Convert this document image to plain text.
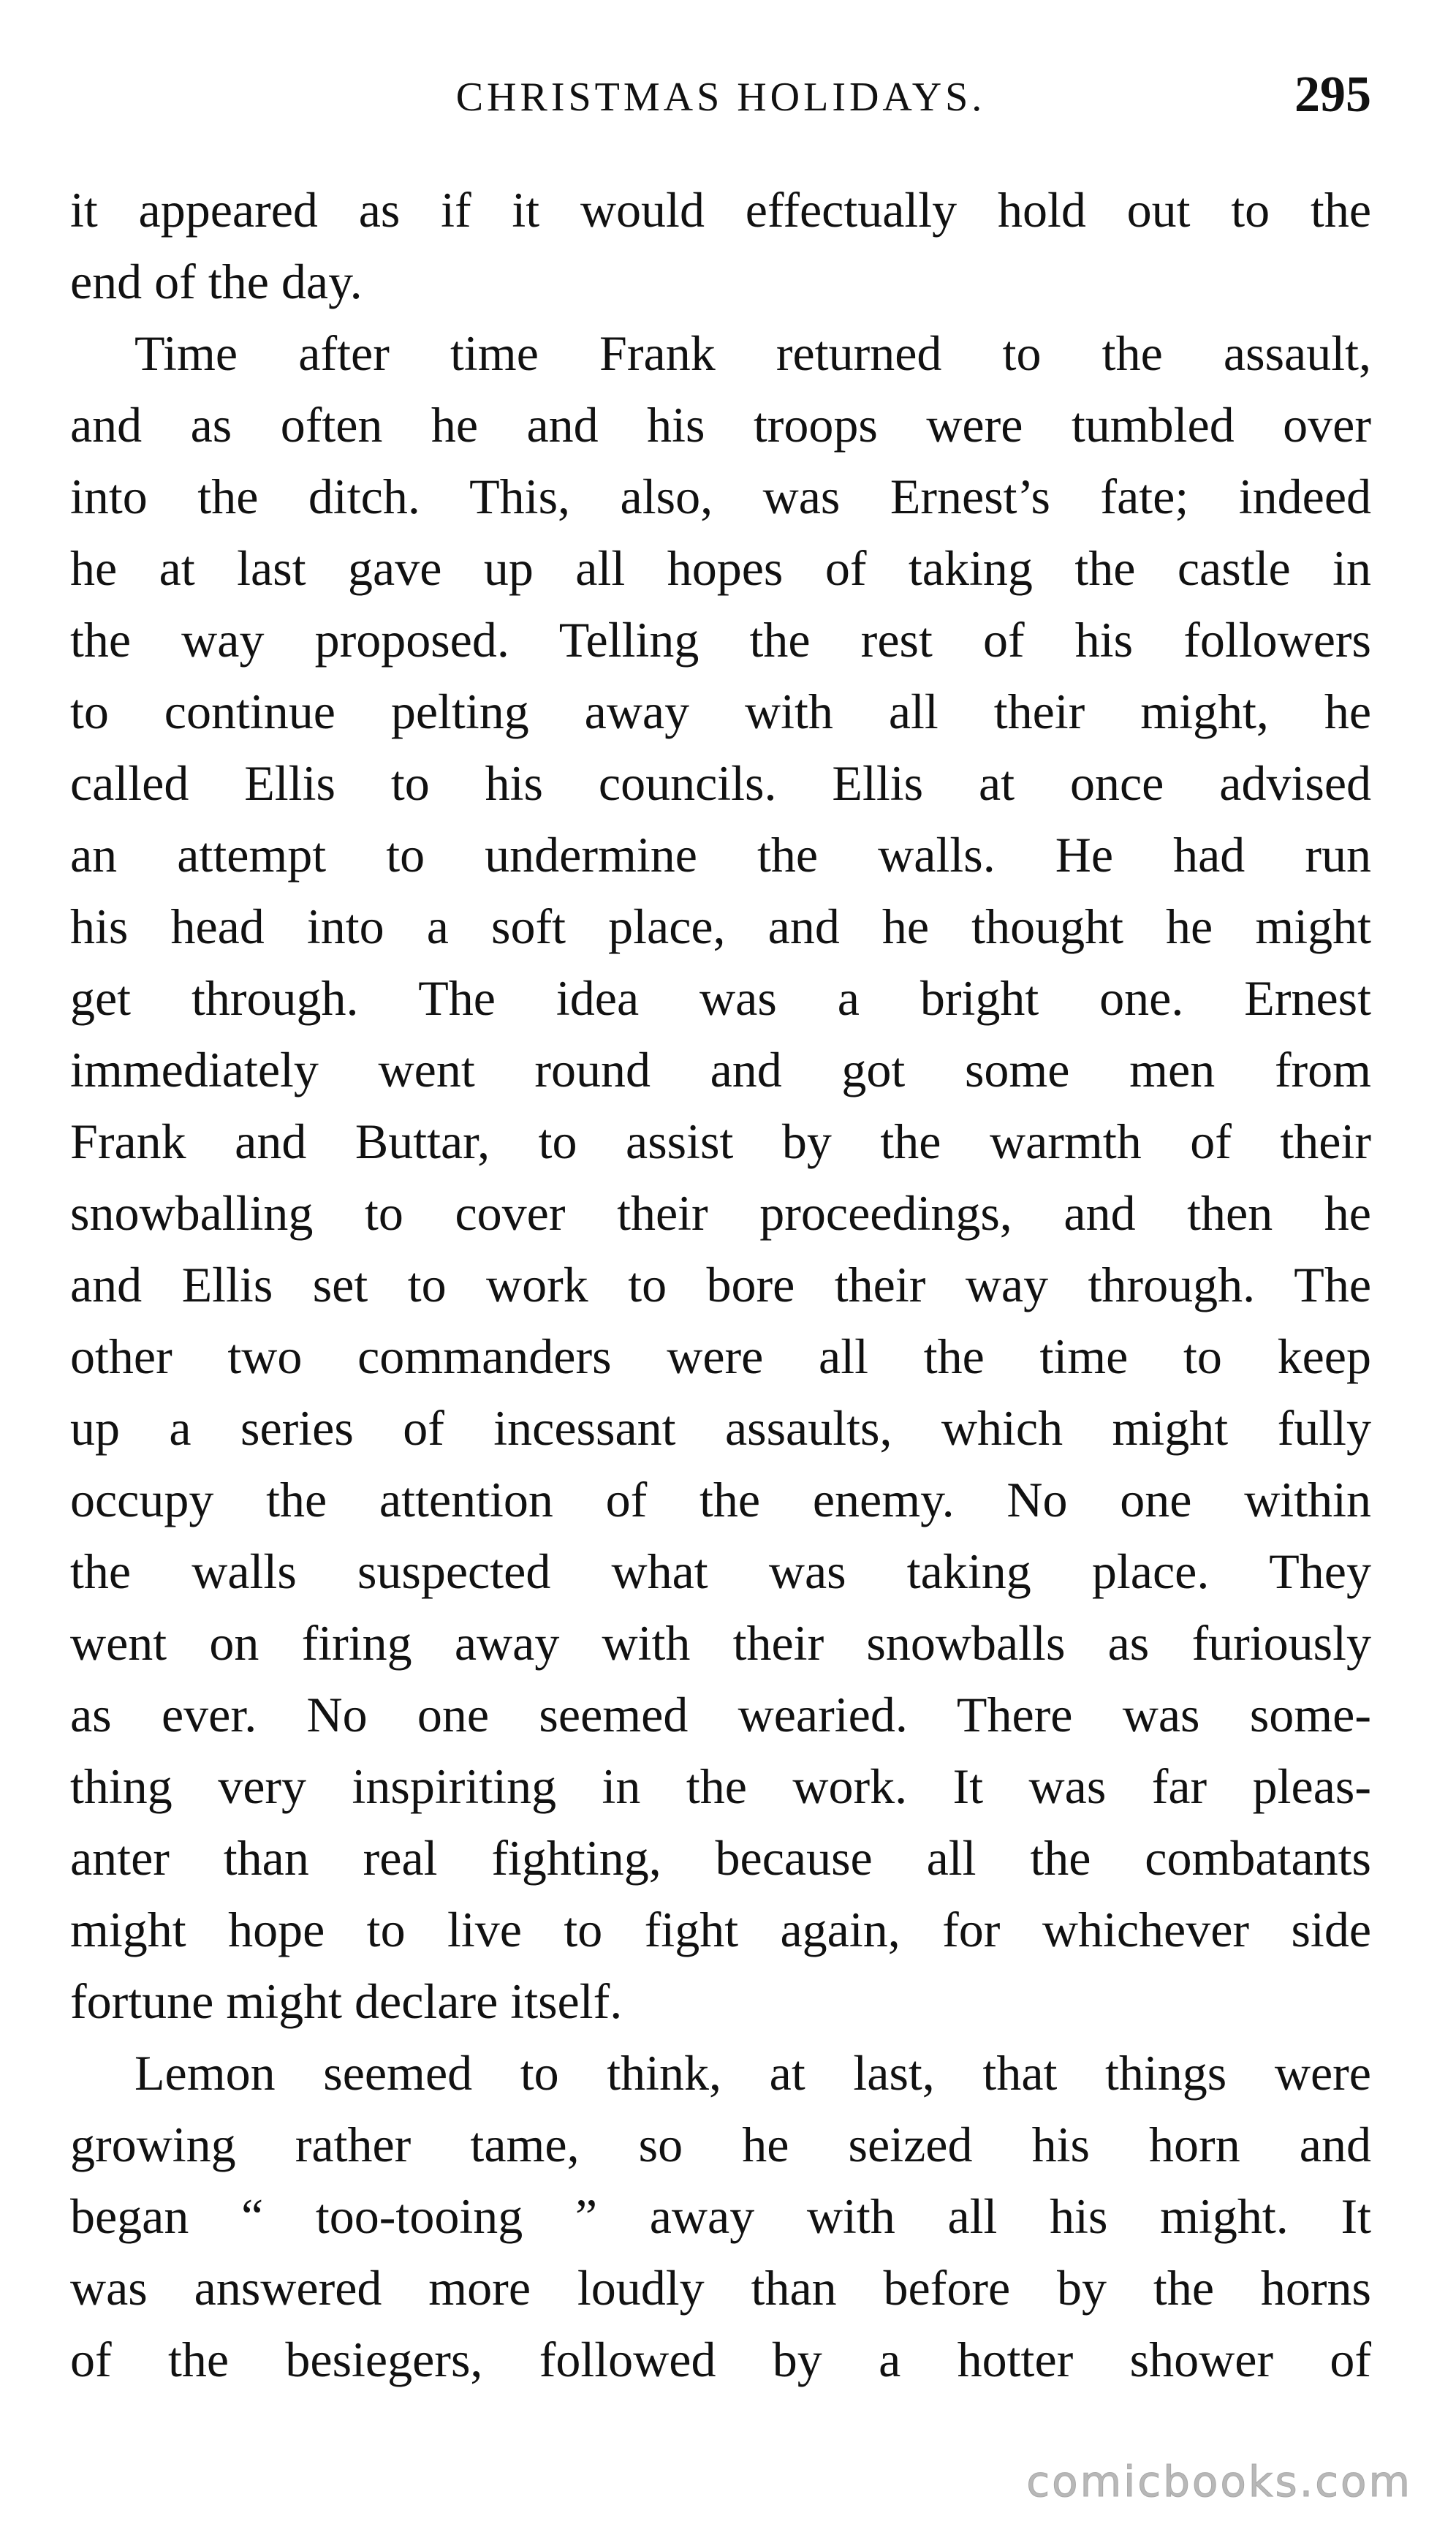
CHRISTMAS HOLIDAYS.	295
it appeared as if it would effectually hold out to the
end of the day.
Time after time Frank returned to the assault,
and as often he and his troops were tumbled over
into the ditch. This, also, was Ernest’s fate; indeed
he at last gave up all hopes of taking the castle in
the way proposed. Telling the rest of his followers
to continue pelting away with all their might, he
called Ellis to his councils. Ellis at once advised
an attempt to undermine the walls. He had run
his head into a soft place, and he thought he might
get through. The idea was a bright one. Ernest
immediately went round and got some men from
Frank and Buttar, to assist by the warmth of their
snowballing to cover their proceedings, and then he
and Ellis set to work to bore their way through. The
other two commanders were all the time to keep
up a series of incessant assaults, which might fully
occupy the attention of the enemy. No one within
the walls suspected what was taking place. They
went on firing away with their snowballs as furiously
as ever. No one seemed wearied. There was some-
thing very inspiriting in the work. It was far pleas-
anter than real fighting, because all the combatants
might hope to live to fight again, for whichever side
fortune might declare itself.
Lemon seemed to think, at last, that things were
growing rather tame, so he seized his horn and
began “ too-tooing ” away with all his might. It
was answered more loudly than before by the horns
of the besiegers, followed by a hotter shower of
comicbooks.com
